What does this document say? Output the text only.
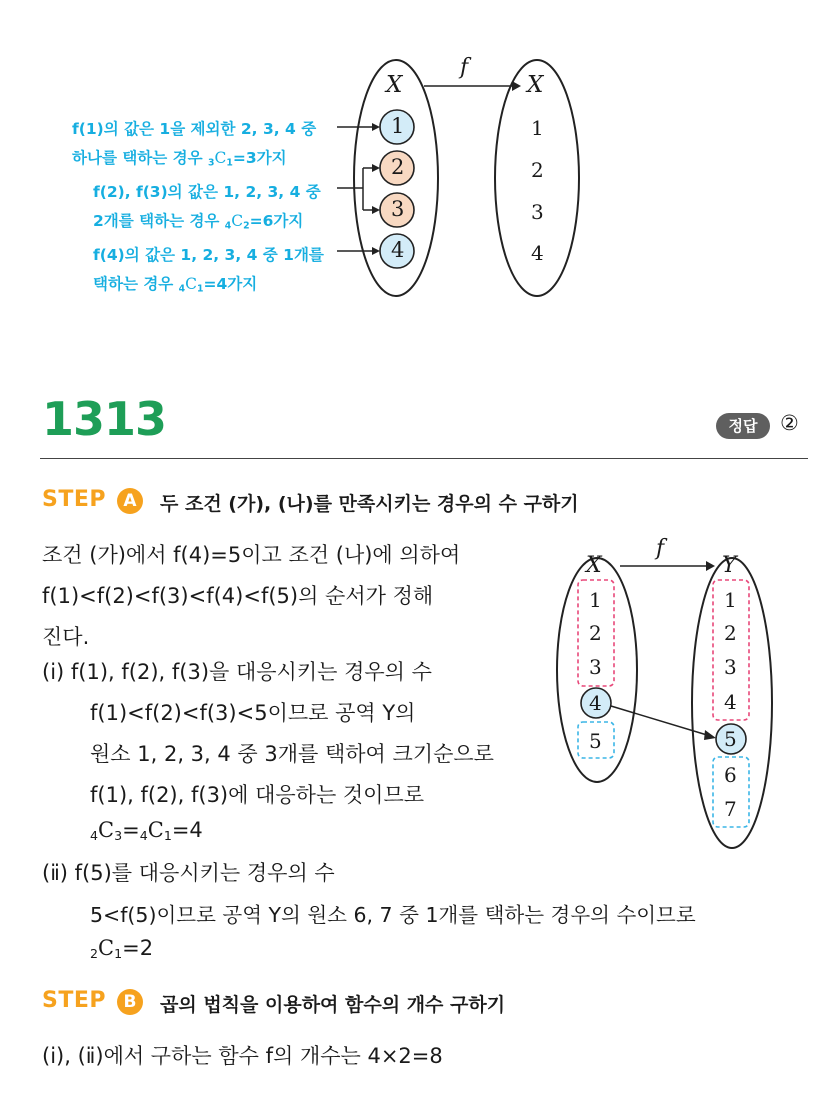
f
X	X
1
2
3
4
1
2
3
4
f(1)의 값은 1을 제외한 2, 3, 4 중
하나를 택하는 경우 $_3C_1=3$가지
f(2), f(3)의 값은 1, 2, 3, 4 중
2개를 택하는 경우 $_4C_2=6$가지
f(4)의 값은 1, 2, 3, 4 중 1개를
택하는 경우 $_4C_1=4$가지
1313	정답	②
STEP	A	두 조건 (가), (나)를 만족시키는 경우의 수 구하기
조건 (가)에서 f(4)=5이고 조건 (나)에 의하여
f(1)<f(2)<f(3)<f(4)<f(5)의 순서가 정해
진다.
(ⅰ) f(1), f(2), f(3)을 대응시키는 경우의 수
f(1)<f(2)<f(3)<5이므로 공역 Y의
원소 1, 2, 3, 4 중 3개를 택하여 크기순으로
f(1), f(2), f(3)에 대응하는 것이므로
$_4C_3=_4C_1=4$
(ⅱ) f(5)를 대응시키는 경우의 수
5<f(5)이므로 공역 Y의 원소 6, 7 중 1개를 택하는 경우의 수이므로
$_2C_1=2$
f
X	Y
1
2
3
4
5
1
2
3
4
5
6
7
STEP	B	곱의 법칙을 이용하여 함수의 개수 구하기
(ⅰ), (ⅱ)에서 구하는 함수 f의 개수는 4×2=8
